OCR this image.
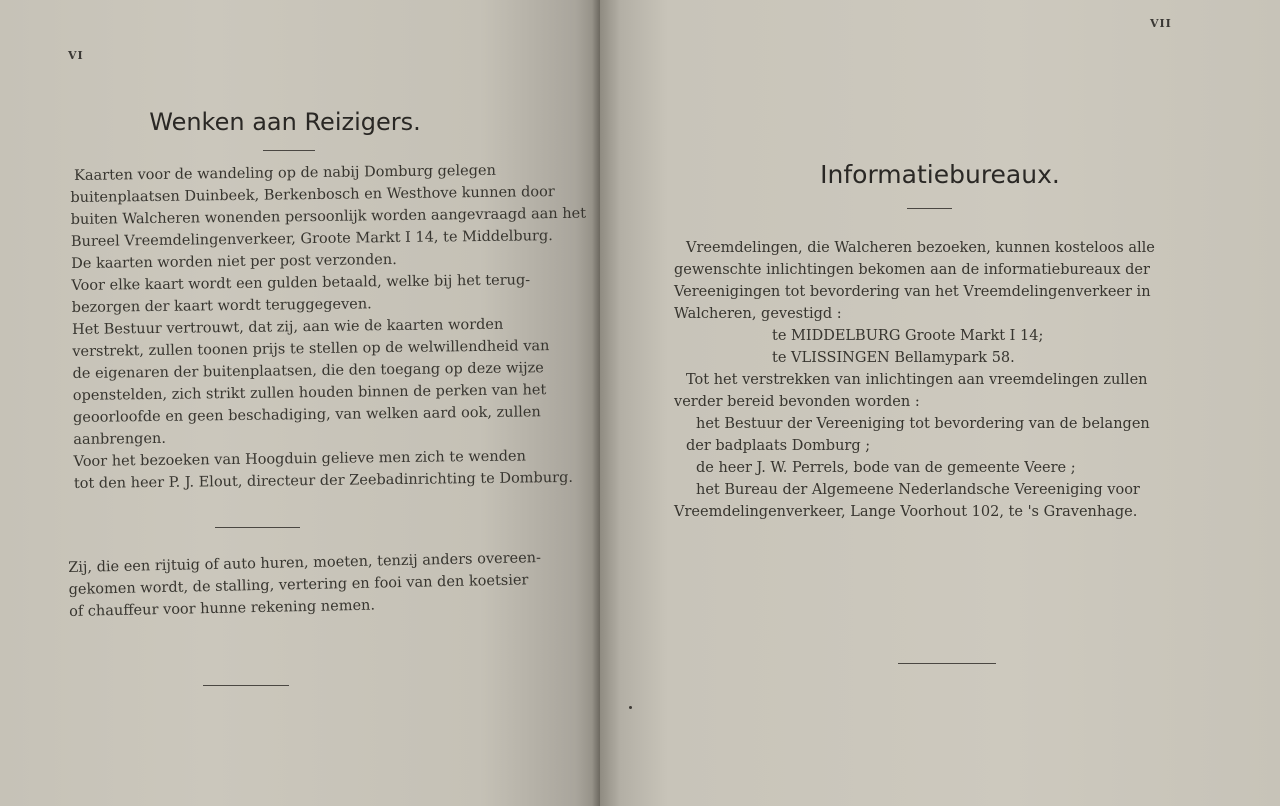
VI
Wenken aan Reizigers.
Kaarten voor de wandeling op de nabij Domburg gelegen
buitenplaatsen Duinbeek, Berkenbosch en Westhove kunnen door
buiten Walcheren wonenden persoonlijk worden aangevraagd aan het
Bureel Vreemdelingenverkeer, Groote Markt I 14, te Middelburg.
De kaarten worden niet per post verzonden.
Voor elke kaart wordt een gulden betaald, welke bij het terug-
bezorgen der kaart wordt teruggegeven.
Het Bestuur vertrouwt, dat zij, aan wie de kaarten worden
verstrekt, zullen toonen prijs te stellen op de welwillendheid van
de eigenaren der buitenplaatsen, die den toegang op deze wijze
openstelden, zich strikt zullen houden binnen de perken van het
geoorloofde en geen beschadiging, van welken aard ook, zullen
aanbrengen.
Voor het bezoeken van Hoogduin gelieve men zich te wenden
tot den heer P. J. Elout, directeur der Zeebadinrichting te Domburg.
Zij, die een rijtuig of auto huren, moeten, tenzij anders overeen-
gekomen wordt, de stalling, vertering en fooi van den koetsier
of chauffeur voor hunne rekening nemen.
VII
Informatiebureaux.
Vreemdelingen, die Walcheren bezoeken, kunnen kosteloos alle
gewenschte inlichtingen bekomen aan de informatiebureaux der
Vereenigingen tot bevordering van het Vreemdelingenverkeer in
Walcheren, gevestigd :
te MIDDELBURG Groote Markt I 14;
te VLISSINGEN Bellamypark 58.
Tot het verstrekken van inlichtingen aan vreemdelingen zullen
verder bereid bevonden worden :
het Bestuur der Vereeniging tot bevordering van de belangen
der badplaats Domburg ;
de heer J. W. Perrels, bode van de gemeente Veere ;
het Bureau der Algemeene Nederlandsche Vereeniging voor
Vreemdelingenverkeer, Lange Voorhout 102, te 's Gravenhage.
